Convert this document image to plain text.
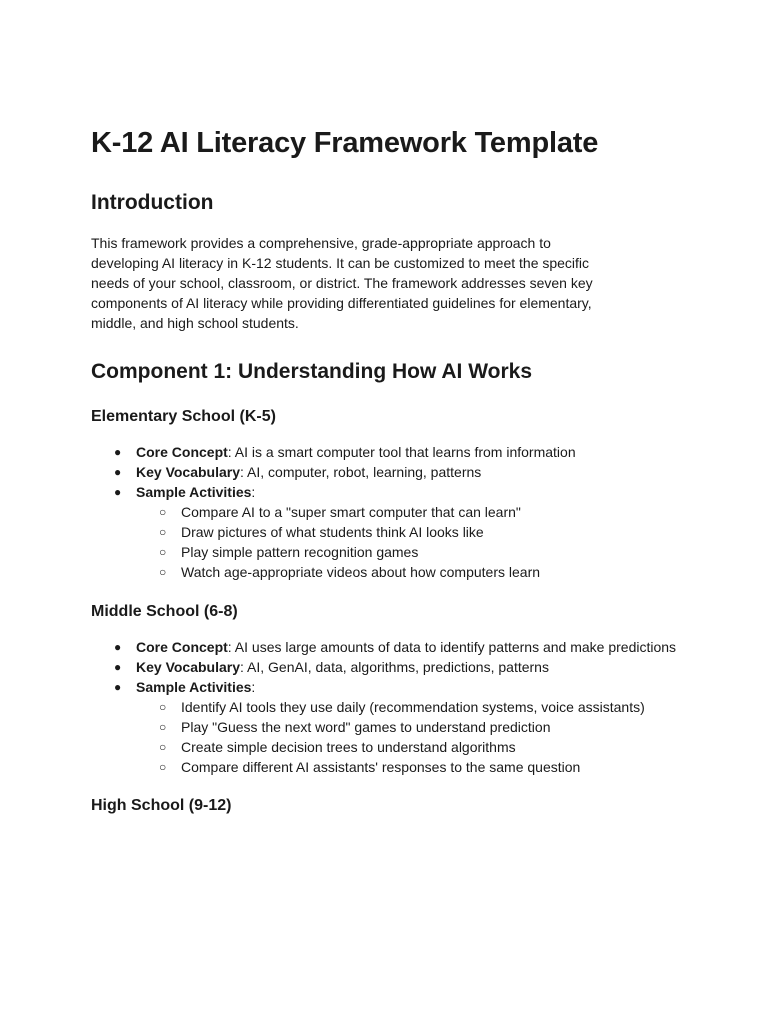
K-12 AI Literacy Framework Template
Introduction

This framework provides a comprehensive, grade-appropriate approach to
developing AI literacy in K-12 students. It can be customized to meet the specific
needs of your school, classroom, or district. The framework addresses seven key
components of AI literacy while providing differentiated guidelines for elementary,
middle, and high school students.

Component 1: Understanding How AI Works
Elementary School (K-5)
● Core Concept: AI is a smart computer tool that learns from information
● Key Vocabulary: AI, computer, robot, learning, patterns
● Sample Activities:
○ Compare AI to a "super smart computer that can learn"
○ Draw pictures of what students think AI looks like
○ Play simple pattern recognition games
○ Watch age-appropriate videos about how computers learn
Middle School (6-8)
● Core Concept: AI uses large amounts of data to identify patterns and make predictions
● Key Vocabulary: AI, GenAI, data, algorithms, predictions, patterns
● Sample Activities:
○ Identify AI tools they use daily (recommendation systems, voice assistants)
○ Play "Guess the next word" games to understand prediction
○ Create simple decision trees to understand algorithms
○ Compare different AI assistants' responses to the same question
High School (9-12)
